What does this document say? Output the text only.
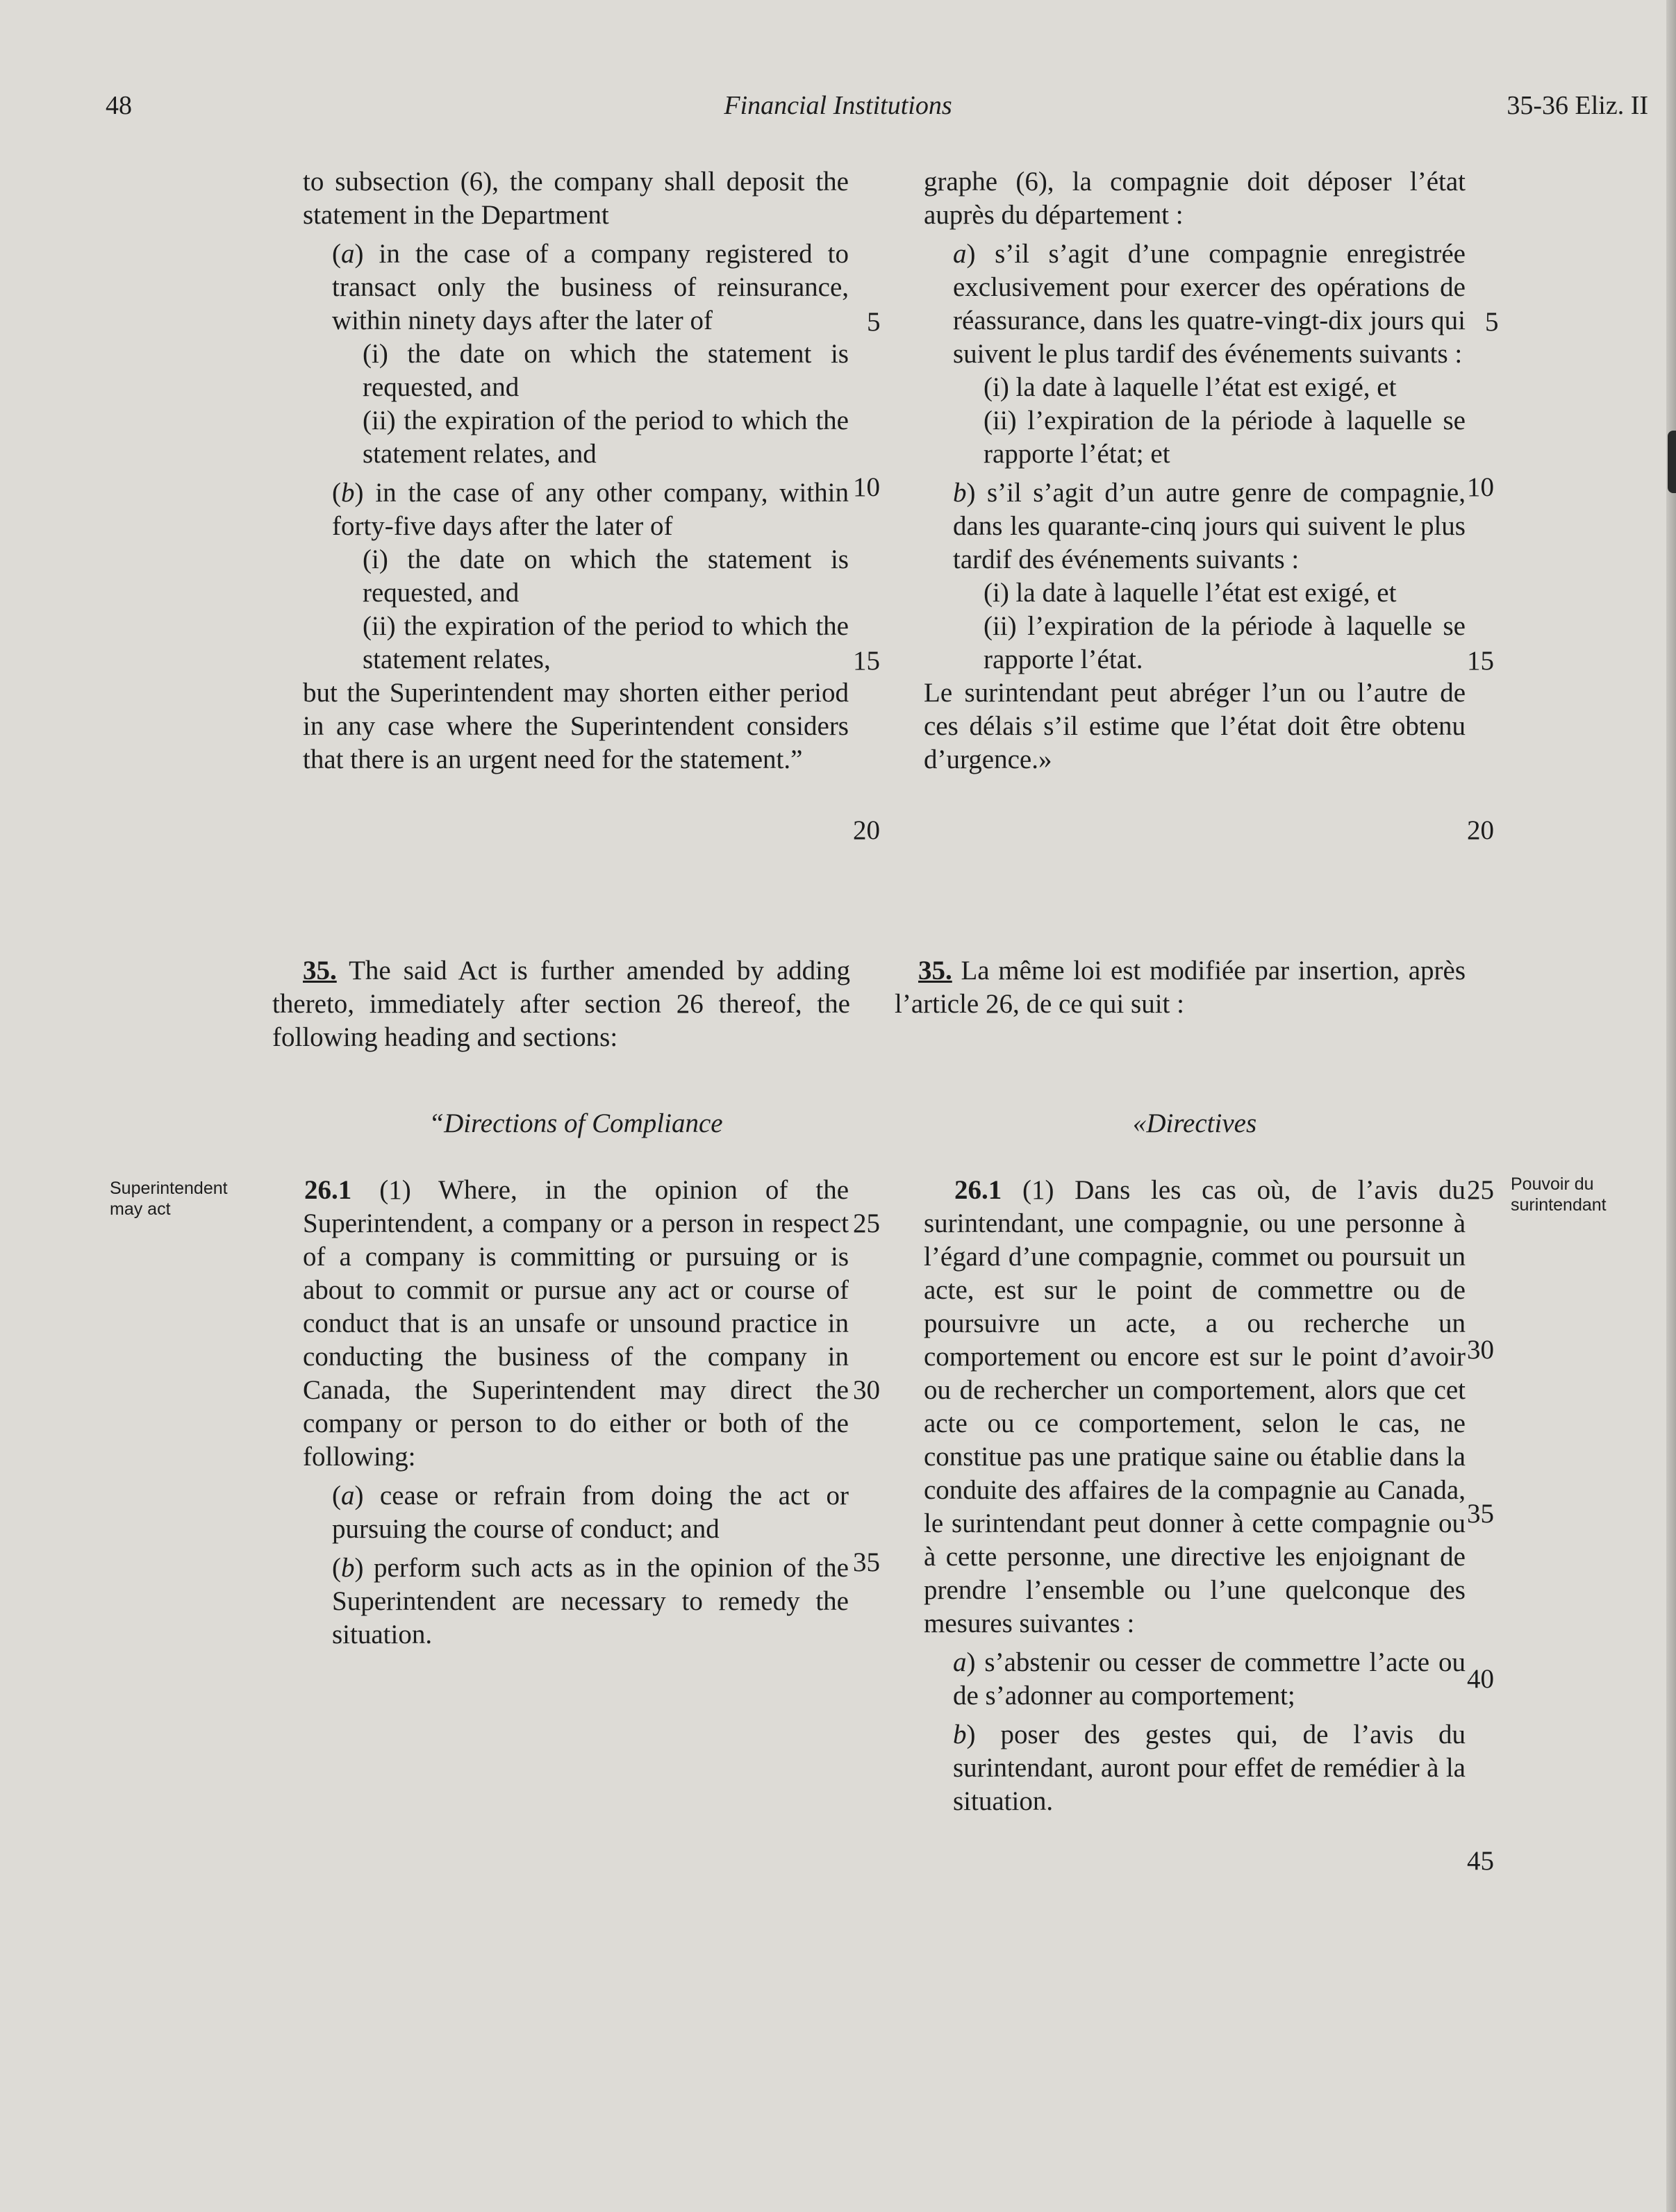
48	Financial Institutions	35-36 Eliz. II
Superintendent may act
Pouvoir du surintendant

to subsection (6), the company shall deposit the statement in the Department

(a) in the case of a company registered to transact only the business of reinsurance, within ninety days after the later of

(i) the date on which the statement is requested, and

(ii) the expiration of the period to which the statement relates, and

(b) in the case of any other company, within forty-five days after the later of

(i) the date on which the statement is requested, and

(ii) the expiration of the period to which the statement relates,

but the Superintendent may shorten either period in any case where the Superintendent considers that there is an urgent need for the statement.”

35. The said Act is further amended by adding thereto, immediately after section 26 thereof, the following heading and sections:

“Directions of Compliance

26.1 (1) Where, in the opinion of the Superintendent, a company or a person in respect of a company is committing or pursuing or is about to commit or pursue any act or course of conduct that is an unsafe or unsound practice in conducting the business of the company in Canada, the Superintendent may direct the company or person to do either or both of the following:

(a) cease or refrain from doing the act or pursuing the course of conduct; and

(b) perform such acts as in the opinion of the Superintendent are necessary to remedy the situation.

5
10
15
20
25
30
35

graphe (6), la compagnie doit déposer l’état auprès du département :

a) s’il s’agit d’une compagnie enregistrée exclusivement pour exercer des opérations de réassurance, dans les quatre-vingt-dix jours qui suivent le plus tardif des événements suivants :

(i) la date à laquelle l’état est exigé, et

(ii) l’expiration de la période à laquelle se rapporte l’état; et

b) s’il s’agit d’un autre genre de compagnie, dans les quarante-cinq jours qui suivent le plus tardif des événements suivants :

(i) la date à laquelle l’état est exigé, et

(ii) l’expiration de la période à laquelle se rapporte l’état.

Le surintendant peut abréger l’un ou l’autre de ces délais s’il estime que l’état doit être obtenu d’urgence.»

35. La même loi est modifiée par insertion, après l’article 26, de ce qui suit :

«Directives

26.1 (1) Dans les cas où, de l’avis du surintendant, une compagnie, ou une personne à l’égard d’une compagnie, commet ou poursuit un acte, est sur le point de commettre ou de poursuivre un acte, a ou recherche un comportement ou encore est sur le point d’avoir ou de rechercher un comportement, alors que cet acte ou ce comportement, selon le cas, ne constitue pas une pratique saine ou établie dans la conduite des affaires de la compagnie au Canada, le surintendant peut donner à cette compagnie ou à cette personne, une directive les enjoignant de prendre l’ensemble ou l’une quelconque des mesures suivantes :

a) s’abstenir ou cesser de commettre l’acte ou de s’adonner au comportement;

b) poser des gestes qui, de l’avis du surintendant, auront pour effet de remédier à la situation.

5
10
15
20
25
30
35
40
45
